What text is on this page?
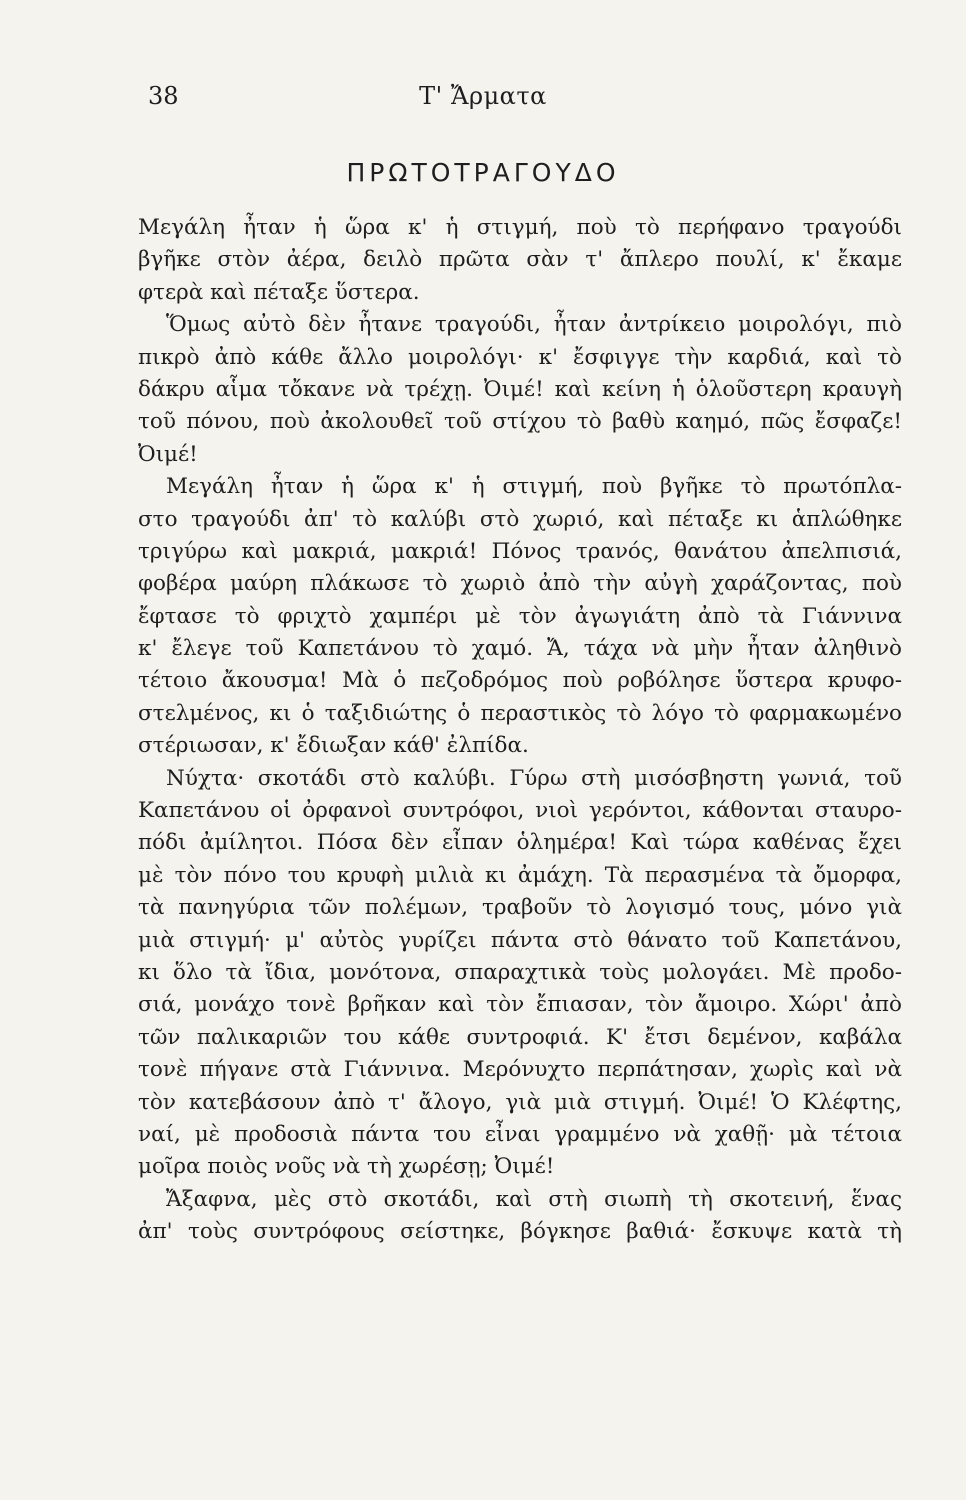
38	Τ' Ἄρματα
ΠΡΩΤΟΤΡΑΓΟΥΔΟ
Μεγάλη ἦταν ἡ ὥρα κ' ἡ στιγμή, ποὺ τὸ περήφανο τραγούδι
βγῆκε στὸν ἀέρα, δειλὸ πρῶτα σὰν τ' ἄπλερο πουλί, κ' ἔκαμε
φτερὰ καὶ πέταξε ὕστερα.
Ὅμως αὐτὸ δὲν ἦτανε τραγούδι, ἦταν ἀντρίκειο μοιρολόγι, πιὸ
πικρὸ ἀπὸ κάθε ἄλλο μοιρολόγι· κ' ἔσφιγγε τὴν καρδιά, καὶ τὸ
δάκρυ αἷμα τὄκανε νὰ τρέχῃ. Ὀιμέ! καὶ κείνη ἡ ὁλοῦστερη κραυγὴ
τοῦ πόνου, ποὺ ἀκολουθεῖ τοῦ στίχου τὸ βαθὺ καημό, πῶς ἔσφαζε!
Ὀιμέ!
Μεγάλη ἦταν ἡ ὥρα κ' ἡ στιγμή, ποὺ βγῆκε τὸ πρωτόπλα-
στο τραγούδι ἀπ' τὸ καλύβι στὸ χωριό, καὶ πέταξε κι ἁπλώθηκε
τριγύρω καὶ μακριά, μακριά! Πόνος τρανός, θανάτου ἀπελπισιά,
φοβέρα μαύρη πλάκωσε τὸ χωριὸ ἀπὸ τὴν αὐγὴ χαράζοντας, ποὺ
ἔφτασε τὸ φριχτὸ χαμπέρι μὲ τὸν ἀγωγιάτη ἀπὸ τὰ Γιάννινα
κ' ἔλεγε τοῦ Καπετάνου τὸ χαμό. Ἄ, τάχα νὰ μὴν ἦταν ἀληθινὸ
τέτοιο ἄκουσμα! Μὰ ὁ πεζοδρόμος ποὺ ροβόλησε ὕστερα κρυφο-
στελμένος, κι ὁ ταξιδιώτης ὁ περαστικὸς τὸ λόγο τὸ φαρμακωμένο
στέριωσαν, κ' ἔδιωξαν κάθ' ἐλπίδα.
Νύχτα· σκοτάδι στὸ καλύβι. Γύρω στὴ μισόσβηστη γωνιά, τοῦ
Καπετάνου οἱ ὀρφανοὶ συντρόφοι, νιοὶ γερόντοι, κάθονται σταυρο-
πόδι ἀμίλητοι. Πόσα δὲν εἶπαν ὁλημέρα! Καὶ τώρα καθένας ἔχει
μὲ τὸν πόνο του κρυφὴ μιλιὰ κι ἀμάχη. Τὰ περασμένα τὰ ὄμορφα,
τὰ πανηγύρια τῶν πολέμων, τραβοῦν τὸ λογισμό τους, μόνο γιὰ
μιὰ στιγμή· μ' αὐτὸς γυρίζει πάντα στὸ θάνατο τοῦ Καπετάνου,
κι ὅλο τὰ ἴδια, μονότονα, σπαραχτικὰ τοὺς μολογάει. Μὲ προδο-
σιά, μονάχο τονὲ βρῆκαν καὶ τὸν ἔπιασαν, τὸν ἄμοιρο. Χώρι' ἀπὸ
τῶν παλικαριῶν του κάθε συντροφιά. Κ' ἔτσι δεμένον, καβάλα
τονὲ πήγανε στὰ Γιάννινα. Μερόνυχτο περπάτησαν, χωρὶς καὶ νὰ
τὸν κατεβάσουν ἀπὸ τ' ἄλογο, γιὰ μιὰ στιγμή. Ὀιμέ! Ὁ Κλέφτης,
ναί, μὲ προδοσιὰ πάντα του εἶναι γραμμένο νὰ χαθῇ· μὰ τέτοια
μοῖρα ποιὸς νοῦς νὰ τὴ χωρέσῃ; Ὀιμέ!
Ἄξαφνα, μὲς στὸ σκοτάδι, καὶ στὴ σιωπὴ τὴ σκοτεινή, ἕνας
ἀπ' τοὺς συντρόφους σείστηκε, βόγκησε βαθιά· ἔσκυψε κατὰ τὴ
